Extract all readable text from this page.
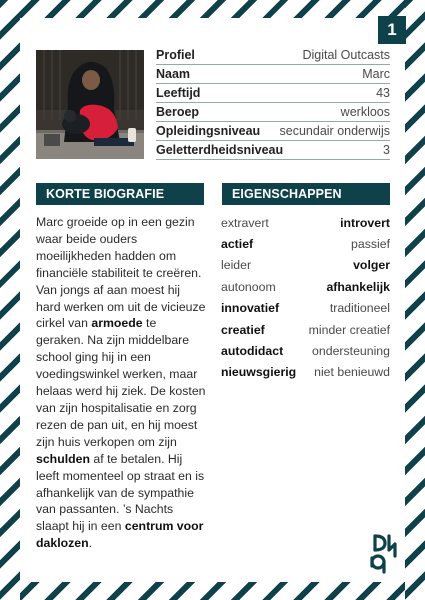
1
Profiel	Digital Outcasts
Naam	Marc
Leeftijd	43
Beroep	werkloos
Opleidingsniveau secundair onderwijs
Geletterdheidsniveau	3
KORTE BIOGRAFIE	EIGENSCHAPPEN
Marc groeide op in een gezin waar beide ouders moeilijkheden hadden om financiële stabiliteit te creëren. Van jongs af aan moest hij hard werken om uit de vicieuze cirkel van armoede te geraken. Na zijn middelbare school ging hij in een voedingswinkel werken, maar helaas werd hij ziek. De kosten van zijn hospitalisatie en zorg rezen de pan uit, en hij moest zijn huis verkopen om zijn schulden af te betalen. Hij leeft momenteel op straat en is afhankelijk van de sympathie van passanten. ’s Nachts slaapt hij in een centrum voor daklozen.
extravert	introvert
actief	passief
leider	volger
autonoom	afhankelijk
innovatief	traditioneel
creatief	minder creatief
autodidact ondersteuning
nieuwsgierig niet benieuwd
